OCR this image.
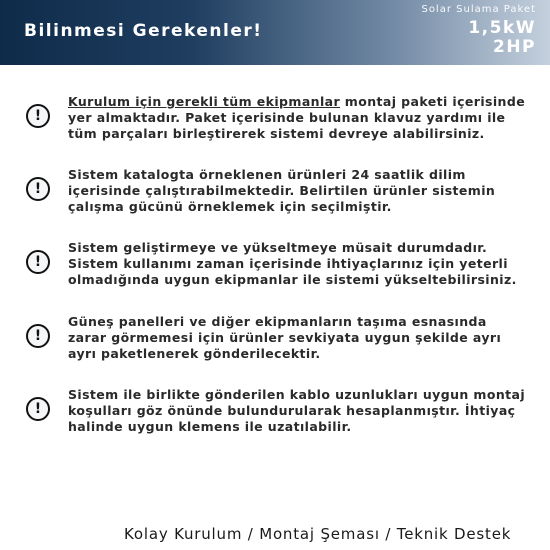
Bilinmesi Gerekenler!
Solar Sulama Paket
1,5kW
2HP
!
Kurulum için gerekli tüm ekipmanlar montaj paketi içerisinde yer almaktadır. Paket içerisinde bulunan klavuz yardımı ile tüm parçaları birleştirerek sistemi devreye alabilirsiniz.
!
Sistem katalogta örneklenen ürünleri 24 saatlik dilim içerisinde çalıştırabilmektedir. Belirtilen ürünler sistemin çalışma gücünü örneklemek için seçilmiştir.
!
Sistem geliştirmeye ve yükseltmeye müsait durumdadır. Sistem kullanımı zaman içerisinde ihtiyaçlarınız için yeterli olmadığında uygun ekipmanlar ile sistemi yükseltebilirsiniz.
!
Güneş panelleri ve diğer ekipmanların taşıma esnasında zarar görmemesi için ürünler sevkiyata uygun şekilde ayrı ayrı paketlenerek gönderilecektir.
!
Sistem ile birlikte gönderilen kablo uzunlukları uygun montaj koşulları göz önünde bulundurularak hesaplanmıştır. İhtiyaç halinde uygun klemens ile uzatılabilir.
Kolay Kurulum / Montaj Şeması / Teknik Destek
